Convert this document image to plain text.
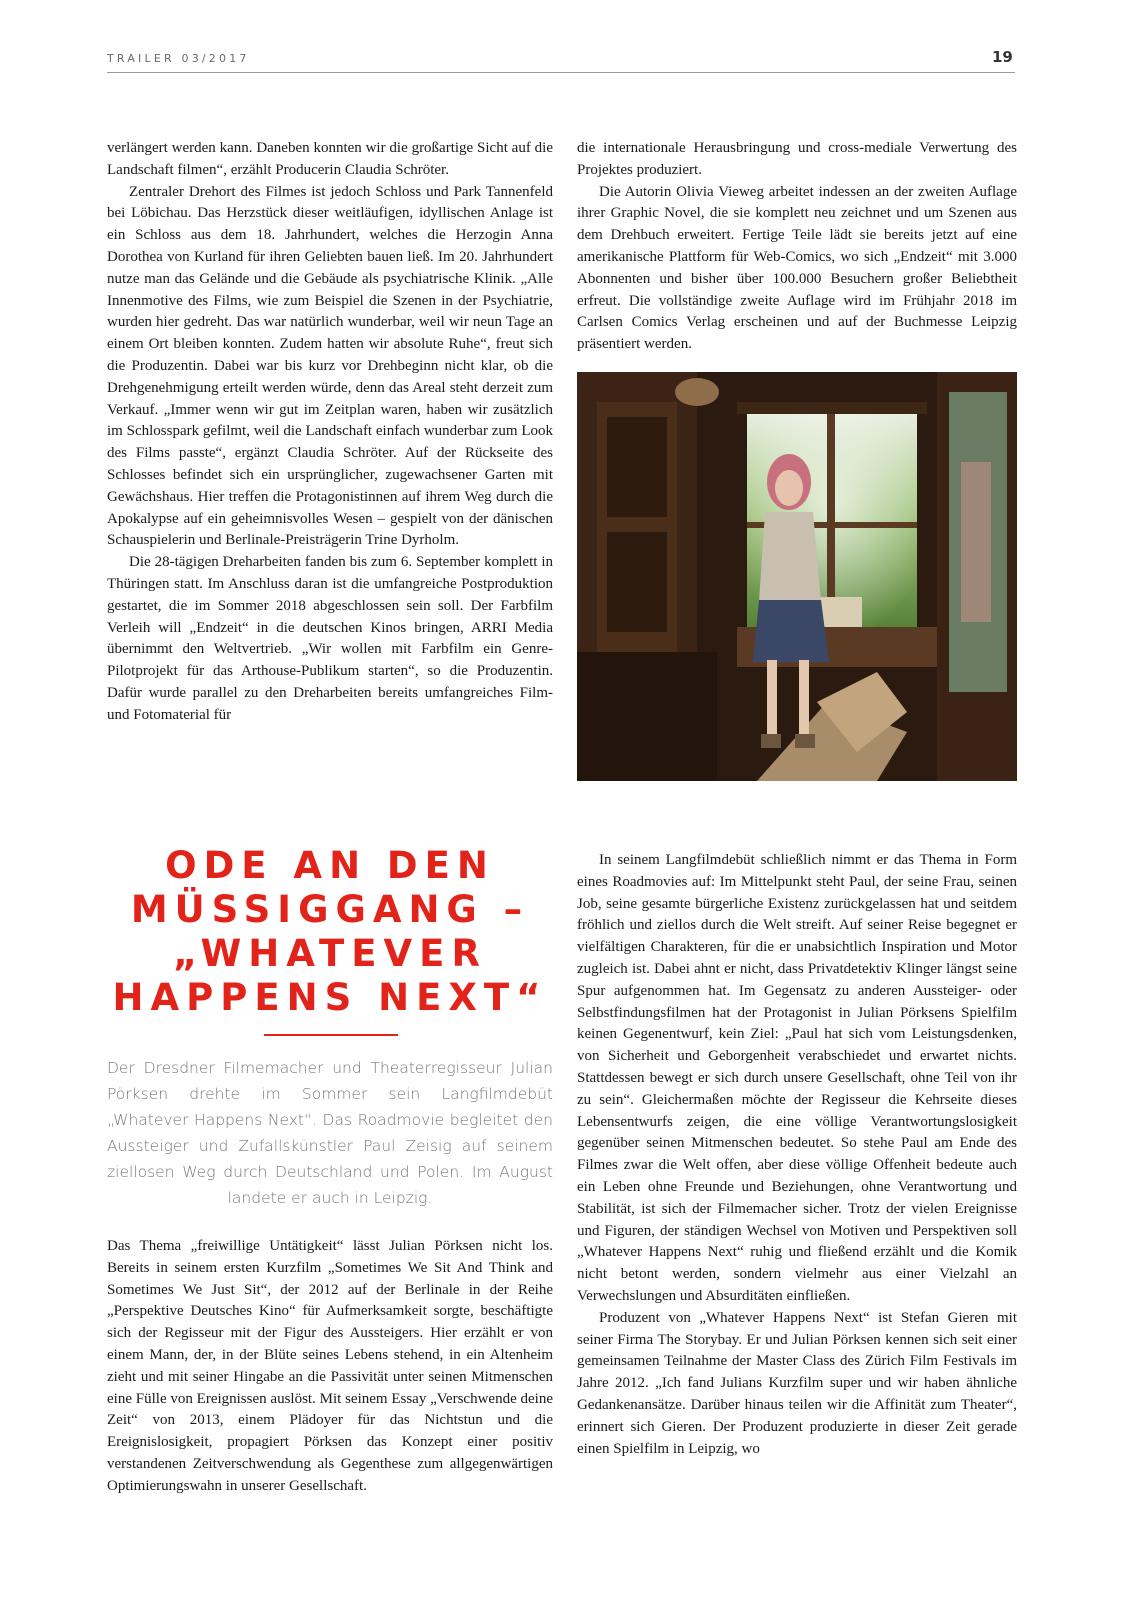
TRAILER 03/2017	19

verlängert werden kann. Daneben konnten wir die großartige Sicht auf die Landschaft filmen“, erzählt Producerin Claudia Schröter.

Zentraler Drehort des Filmes ist jedoch Schloss und Park Tannenfeld bei Löbichau. Das Herzstück dieser weitläufigen, idyllischen Anlage ist ein Schloss aus dem 18. Jahrhundert, welches die Herzogin Anna Dorothea von Kurland für ihren Geliebten bauen ließ. Im 20. Jahrhundert nutze man das Gelände und die Gebäude als psychiatrische Klinik. „Alle Innenmotive des Films, wie zum Beispiel die Szenen in der Psychiatrie, wurden hier gedreht. Das war natürlich wunderbar, weil wir neun Tage an einem Ort bleiben konnten. Zudem hatten wir absolute Ruhe“, freut sich die Produzentin. Dabei war bis kurz vor Drehbeginn nicht klar, ob die Drehgenehmigung erteilt werden würde, denn das Areal steht derzeit zum Verkauf. „Immer wenn wir gut im Zeitplan waren, haben wir zusätzlich im Schlosspark gefilmt, weil die Landschaft einfach wunderbar zum Look des Films passte“, ergänzt Claudia Schröter. Auf der Rückseite des Schlosses befindet sich ein ursprünglicher, zugewachsener Garten mit Gewächshaus. Hier treffen die Protagonistinnen auf ihrem Weg durch die Apokalypse auf ein geheimnisvolles Wesen – gespielt von der dänischen Schauspielerin und Berlinale-Preisträgerin Trine Dyrholm.

Die 28-tägigen Dreharbeiten fanden bis zum 6. September komplett in Thüringen statt. Im Anschluss daran ist die umfangreiche Postproduktion gestartet, die im Sommer 2018 abgeschlossen sein soll. Der Farbfilm Verleih will „Endzeit“ in die deutschen Kinos bringen, ARRI Media übernimmt den Weltvertrieb. „Wir wollen mit Farbfilm ein Genre-Pilotprojekt für das Arthouse-Publikum starten“, so die Produzentin. Dafür wurde parallel zu den Dreharbeiten bereits umfangreiches Film- und Fotomaterial für

die internationale Herausbringung und cross-mediale Verwertung des Projektes produziert.

Die Autorin Olivia Vieweg arbeitet indessen an der zweiten Auflage ihrer Graphic Novel, die sie komplett neu zeichnet und um Szenen aus dem Drehbuch erweitert. Fertige Teile lädt sie bereits jetzt auf eine amerikanische Plattform für Web-Comics, wo sich „Endzeit“ mit 3.000 Abonnenten und bisher über 100.000 Besuchern großer Beliebtheit erfreut. Die vollständige zweite Auflage wird im Frühjahr 2018 im Carlsen Comics Verlag erscheinen und auf der Buchmesse Leipzig präsentiert werden.

ODE AN DEN
MÜSSIGGANG –
„WHATEVER
HAPPENS NEXT“
Der Dresdner Filmemacher und Theaterregisseur Julian Pörksen drehte im Sommer sein Langfilmdebüt „Whatever Happens Next“. Das Roadmovie begleitet den Aussteiger und Zufallskünstler Paul Zeisig auf seinem ziellosen Weg durch Deutschland und Polen. Im August landete er auch in Leipzig.

Das Thema „freiwillige Untätigkeit“ lässt Julian Pörksen nicht los. Bereits in seinem ersten Kurzfilm „Sometimes We Sit And Think and Sometimes We Just Sit“, der 2012 auf der Berlinale in der Reihe „Perspektive Deutsches Kino“ für Aufmerksamkeit sorgte, beschäftigte sich der Regisseur mit der Figur des Aussteigers. Hier erzählt er von einem Mann, der, in der Blüte seines Lebens stehend, in ein Altenheim zieht und mit seiner Hingabe an die Passivität unter seinen Mitmenschen eine Fülle von Ereignissen auslöst. Mit seinem Essay „Verschwende deine Zeit“ von 2013, einem Plädoyer für das Nichtstun und die Ereignislosigkeit, propagiert Pörksen das Konzept einer positiv verstandenen Zeitverschwendung als Gegenthese zum allgegenwärtigen Optimierungswahn in unserer Gesellschaft.

In seinem Langfilmdebüt schließlich nimmt er das Thema in Form eines Roadmovies auf: Im Mittelpunkt steht Paul, der seine Frau, seinen Job, seine gesamte bürgerliche Existenz zurückgelassen hat und seitdem fröhlich und ziellos durch die Welt streift. Auf seiner Reise begegnet er vielfältigen Charakteren, für die er unabsichtlich Inspiration und Motor zugleich ist. Dabei ahnt er nicht, dass Privatdetektiv Klinger längst seine Spur aufgenommen hat. Im Gegensatz zu anderen Aussteiger- oder Selbstfindungsfilmen hat der Protagonist in Julian Pörksens Spielfilm keinen Gegenentwurf, kein Ziel: „Paul hat sich vom Leistungsdenken, von Sicherheit und Geborgenheit verabschiedet und erwartet nichts. Stattdessen bewegt er sich durch unsere Gesellschaft, ohne Teil von ihr zu sein“. Gleichermaßen möchte der Regisseur die Kehrseite dieses Lebensentwurfs zeigen, die eine völlige Verantwortungslosigkeit gegenüber seinen Mitmenschen bedeutet. So stehe Paul am Ende des Filmes zwar die Welt offen, aber diese völlige Offenheit bedeute auch ein Leben ohne Freunde und Beziehungen, ohne Verantwortung und Stabilität, ist sich der Filmemacher sicher. Trotz der vielen Ereignisse und Figuren, der ständigen Wechsel von Motiven und Perspektiven soll „Whatever Happens Next“ ruhig und fließend erzählt und die Komik nicht betont werden, sondern vielmehr aus einer Vielzahl an Verwechslungen und Absurditäten einfließen.

Produzent von „Whatever Happens Next“ ist Stefan Gieren mit seiner Firma The Storybay. Er und Julian Pörksen kennen sich seit einer gemeinsamen Teilnahme der Master Class des Zürich Film Festivals im Jahre 2012. „Ich fand Julians Kurzfilm super und wir haben ähnliche Gedankenansätze. Darüber hinaus teilen wir die Affinität zum Theater“, erinnert sich Gieren. Der Produzent produzierte in dieser Zeit gerade einen Spielfilm in Leipzig, wo
